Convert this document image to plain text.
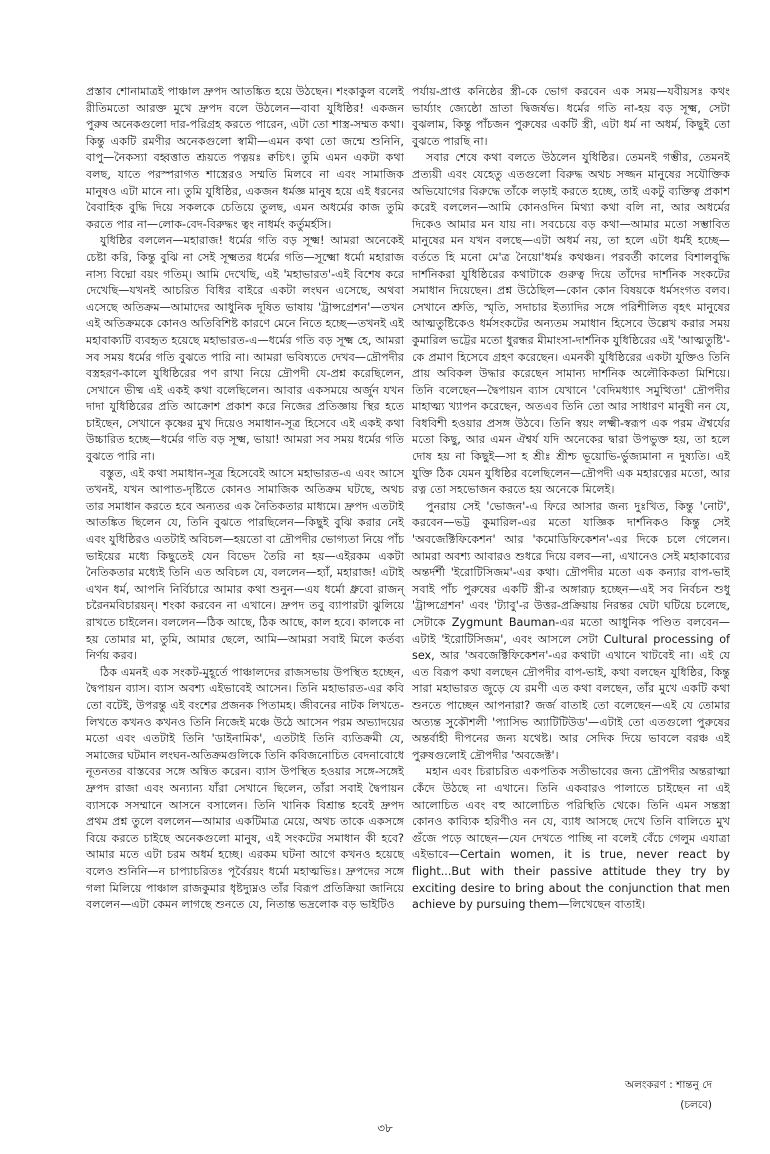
প্রস্তাব শোনামাত্রই পাঞ্চাল দ্রুপদ আতঙ্কিত হয়ে উঠছেন। শংকাকুল বলেই রীতিমতো আরক্ত মুখে দ্রুপদ বলে উঠলেন—বাবা যুধিষ্ঠির! একজন পুরুষ অনেকগুলো দার-পরিগ্রহ করতে পারেন, এটা তো শাস্ত্র-সম্মত কথা। কিন্তু একটি রমণীর অনেকগুলো স্বামী—এমন কথা তো জন্মে শুনিনি, বাপু—নৈকস্যা বহ্বত্তাত শ্রূয়তে পত্নয়ঃ ক্বচিৎ। তুমি এমন একটা কথা বলছ, যাতে পরস্পরাগত শাস্ত্রেরও সম্মতি মিলবে না এবং সামাজিক মানুষও এটা মানে না। তুমি যুধিষ্ঠির, একজন ধর্মজ্ঞ মানুষ হয়ে এই ধরনের বৈবাহিক বুদ্ধি দিয়ে সকলকে চেতিয়ে তুলছ, এমন অধর্মের কাজ তুমি করতে পার না—লোক-বেদ-বিরুদ্ধং ত্বং নাধর্মং কর্তুমর্হসি।

যুধিষ্ঠির বললেন—মহারাজ! ধর্মের গতি বড় সূক্ষ্ম! আমরা অনেকেই চেষ্টা করি, কিন্তু বুঝি না সেই সূক্ষ্মতর ধর্মের গতি—সূক্ষ্মো ধর্মো মহারাজ নাস্য বিদ্মো বয়ং গতিম্। আমি দেখেছি, এই 'মহাভারত'-এই বিশেষ করে দেখেছি—যখনই আচরিত বিধির বাইরে একটা লংঘন এসেছে, অথবা এসেছে অতিক্রম—আমাদের আধুনিক দূষিত ভাষায় 'ট্রান্সগ্রেশন'—তখন এই অতিক্রমকে কোনও অতিবিশিষ্ট কারণে মেনে নিতে হচ্ছে—তখনই এই মহাবাক্যটি ব্যবহৃত হয়েছে মহাভারত-এ—ধর্মের গতি বড় সূক্ষ্ম হে, আমরা সব সময় ধর্মের গতি বুঝতে পারি না। আমরা ভবিষ্যতে দেখব—দ্রৌপদীর বস্ত্রহরণ-কালে যুধিষ্ঠিরের পণ রাখা নিয়ে দ্রৌপদী যে-প্রশ্ন করেছিলেন, সেখানে ভীষ্ম এই একই কথা বলেছিলেন। আবার একসময়ে অর্জুন যখন দাদা যুধিষ্ঠিরের প্রতি আক্রোশ প্রকাশ করে নিজের প্রতিজ্ঞায় স্থির হতে চাইছেন, সেখানে কৃষ্ণের মুখ দিয়েও সমাধান-সূত্র হিসেবে এই একই কথা উচ্চারিত হচ্ছে—ধর্মের গতি বড় সূক্ষ্ম, ভায়া! আমরা সব সময় ধর্মের গতি বুঝতে পারি না।

বস্তুত, এই কথা সমাধান-সূত্র হিসেবেই আসে মহাভারত-এ এবং আসে তখনই, যখন আপাত-দৃষ্টিতে কোনও সামাজিক অতিক্রম ঘটছে, অথচ তার সমাধান করতে হবে অন্যতর এক নৈতিকতার মাধ্যমে। দ্রুপদ এতটাই আতঙ্কিত ছিলেন যে, তিনি বুঝতে পারছিলেন—কিছুই বুঝি করার নেই এবং যুধিষ্ঠিরও এতটাই অবিচল—হয়তো বা দ্রৌপদীর ভোগ্যতা নিয়ে পাঁচ ভাইয়ের মধ্যে কিছুতেই যেন বিভেদ তৈরি না হয়—এইরকম একটা নৈতিকতার মধ্যেই তিনি এত অবিচল যে, বললেন—হ্যাঁ, মহারাজ! এটাই এখন ধর্ম, আপনি নির্বিচারে আমার কথা শুনুন—এয ধর্মো ধ্রুবো রাজন্ চরৈনমবিচারয়ন্। শংকা করবেন না এখানে। দ্রুপদ তবু ব্যাপারটা ঝুলিয়ে রাখতে চাইলেন। বললেন—ঠিক আছে, ঠিক আছে, কাল হবে। কালকে না হয় তোমার মা, তুমি, আমার ছেলে, আমি—আমরা সবাই মিলে কর্তব্য নির্ণয় করব।

ঠিক এমনই এক সংকট-মুহূর্তে পাঞ্চালদের রাজসভায় উপস্থিত হচ্ছেন, দ্বৈপায়ন ব্যাস। ব্যাস অবশ্য এইভাবেই আসেন। তিনি মহাভারত-এর কবি তো বটেই, উপরন্তু এই বংশের প্রজনক পিতামহ। জীবনের নাটক লিখতে-লিখতে কখনও কখনও তিনি নিজেই মঞ্চে উঠে আসেন পরম অভ্যাদয়ের মতো এবং এতটাই তিনি 'ডাইনামিক', এতটাই তিনি ব্যতিক্রমী যে, সমাজের ঘটমান লংঘন-অতিক্রমগুলিকে তিনি কবিজনোচিত বেদনাবোধে নূতনতর বাস্তবের সঙ্গে অন্বিত করেন। ব্যাস উপস্থিত হওয়ার সঙ্গে-সঙ্গেই দ্রুপদ রাজা এবং অন্যান্য যাঁরা সেখানে ছিলেন, তাঁরা সবাই দ্বৈপায়ন ব্যাসকে সসম্মানে আসনে বসালেন। তিনি খানিক বিশ্রান্ত হবেই দ্রুপদ প্রথম প্রশ্ন তুলে বললেন—আমার একটিমাত্র মেয়ে, অথচ তাকে একসঙ্গে বিয়ে করতে চাইছে অনেকগুলো মানুষ, এই সংকটের সমাধান কী হবে? আমার মতে এটা চরম অধর্ম হচ্ছে। এরকম ঘটনা আগে কখনও হয়েছে বলেও শুনিনি—ন চাপ্যাচরিতঃ পূর্বৈরয়ং ধর্মো মহাত্মভিঃ। দ্রুপদের সঙ্গে গলা মিলিয়ে পাঞ্চাল রাজকুমার ধৃষ্টদ্যুম্নও তাঁর বিরূপ প্রতিক্রিয়া জানিয়ে বললেন—এটা কেমন লাগছে শুনতে যে, নিতান্ত ভদ্রলোক বড় ভাইটিও

পর্যায়-প্রাপ্ত কনিষ্ঠের স্ত্রী-কে ভোগ করবেন এক সময়—যবীয়সঃ কথং ভার্য্যাং জ্যেষ্ঠো ভ্রাতা দ্বিজর্ষভ। ধর্মের গতি না-হয় বড় সূক্ষ্ম, সেটা বুঝলাম, কিন্তু পাঁচজন পুরুষের একটি স্ত্রী, এটা ধর্ম না অধর্ম, কিছুই তো বুঝতে পারছি না।

সবার শেষে কথা বলতে উঠলেন যুধিষ্ঠির। তেমনই গম্ভীর, তেমনই প্রত্যয়ী এবং যেহেতু এতগুলো বিরুদ্ধ অথচ সজ্জন মানুষের সযৌক্তিক অভিযোগের বিরুদ্ধে তাঁকে লড়াই করতে হচ্ছে, তাই একটু ব্যক্তিত্ব প্রকাশ করেই বললেন—আমি কোনওদিন মিথ্যা কথা বলি না, আর অধর্মের দিকেও আমার মন যায় না। সবচেয়ে বড় কথা—আমার মতো সম্ভাবিত মানুষের মন যখন বলছে—এটা অধর্ম নয়, তা হলে এটা ধর্মই হচ্ছে—বর্ততে হি মনো মে'ত্র নৈয়ো'ধর্মঃ কথঞ্চন। পরবর্তী কালের বিশালবুদ্ধি দার্শনিকরা যুধিষ্ঠিরের কথাটাকে গুরুত্ব দিয়ে তাঁদের দার্শনিক সংকটের সমাধান দিয়েছেন। প্রশ্ন উঠেছিল—কোন কোন বিষয়কে ধর্মসংগত বলব। সেখানে শ্রুতি, স্মৃতি, সদাচার ইত্যাদির সঙ্গে পরিশীলিত বৃহৎ মানুষের আত্মতুষ্টিকেও ধর্মসংকটের অন্যতম সমাধান হিসেবে উল্লেখ করার সময় কুমারিল ভট্টের মতো ধুরন্ধর মীমাংসা-দার্শনিক যুধিষ্ঠিরের এই 'আত্মতুষ্টি'-কে প্রমাণ হিসেবে গ্রহণ করেছেন। এমনকী যুধিষ্ঠিরের একটা যুক্তিও তিনি প্রায় অবিকল উদ্ধার করেছেন সামান্য দার্শনিক অলৌকিকতা মিশিয়ে। তিনি বলেছেন—দ্বৈপায়ন ব্যাস যেখানে 'বেদিমধ্যাৎ সমুত্থিতা' দ্রৌপদীর মাহাত্ম্য খ্যাপন করেছেন, অতএব তিনি তো আর সাধারণ মানুষী নন যে, বিধবিশী হওয়ার প্রসঙ্গ উঠবে। তিনি স্বয়ং লক্ষ্মী-স্বরূপ এক পরম ঐশ্বর্যের মতো কিছু, আর এমন ঐশ্বর্য যদি অনেকের দ্বারা উপভুক্ত হয়, তা হলে দোষ হয় না কিছুই—সা হ শ্রীঃ শ্রীশ্চ ভূয়োভি-র্ভুজ্যমানা ন দুষ্যতি। এই যুক্তি ঠিক যেমন যুধিষ্ঠির বলেছিলেন—দ্রৌপদী এক মহারত্নের মতো, আর রত্ন তো সহভোজন করতে হয় অনেকে মিলেই।

পুনরায় সেই 'ভোজন'-এ ফিরে আসার জন্য দুঃখিত, কিন্তু 'নোট', করবেন—ভট্ট কুমারিল-এর মতো যাজ্ঞিক দার্শনিকও কিন্তু সেই 'অবজেক্টিফিকেশন' আর 'কমোডিফিকেশন'-এর দিকে চলে গেলেন। আমরা অবশ্য আবারও শুধরে দিয়ে বলব—না, এখানেও সেই মহাকাব্যের অন্তর্দর্শী 'ইরোটিসিজম'-এর কথা। দ্রৌপদীর মতো এক কন্যার বাপ-ভাই সবাই পাঁচ পুরুষের একটি স্ত্রী-র অঙ্গারূঢ় হচ্ছেন—এই সব নির্বচন শুধু 'ট্রান্সগ্রেশন' এবং 'ট্যাবু'-র উত্তর-প্রক্রিয়ায় নিরন্তর ঘেটা ঘটিয়ে চলেছে, সেটাকে Zygmunt Bauman-এর মতো আধুনিক পণ্ডিত বলবেন—এটাই 'ইরোটিসিজম', এবং আসলে সেটা Cultural processing of sex, আর 'অবজেক্টিফিকেশন'-এর কথাটা এখানে খাটবেই না। এই যে এত বিরূপ কথা বলছেন দ্রৌপদীর বাপ-ভাই, কথা বলছেন যুধিষ্ঠির, কিন্তু সারা মহাভারত জুড়ে যে রমণী এত কথা বলছেন, তাঁর মুখে একটি কথা শুনতে পাচ্ছেন আপনারা? জর্জ বাতাই তো বলেছেন—এই যে তোমার অত্যন্ত সুকৌশলী 'প্যাসিভ অ্যাটিটিউড'—এটাই তো এতগুলো পুরুষের অন্তর্বাহী দীপনের জন্য যথেষ্ট। আর সেদিক দিয়ে ভাবলে বরঞ্চ এই পুরুষগুলোই দ্রৌপদীর 'অবজেক্ট'।

মহান এবং চিরাচরিত একপতিক সতীভাবের জন্য দ্রৌপদীর অন্তরাত্মা কেঁদে উঠছে না এখানে। তিনি একবারও পালাতে চাইছেন না এই আলোচিত এবং বহু আলোচিত পরিস্থিতি থেকে। তিনি এমন সন্তস্ত্রা কোনও কাব্যিক হরিণীও নন যে, ব্যাধ আসছে দেখে তিনি বালিতে মুখ গুঁজে পড়ে আছেন—যেন দেখতে পাচ্ছি না বলেই বেঁচে গেলুম এযাত্রা এইভাবে—Certain women, it is true, never react by flight...But with their passive attitude they try by exciting desire to bring about the conjunction that men achieve by pursuing them—লিখেছেন বাতাই।

অলংকরণ : শান্তনু দে
(চলবে)
৩৮
